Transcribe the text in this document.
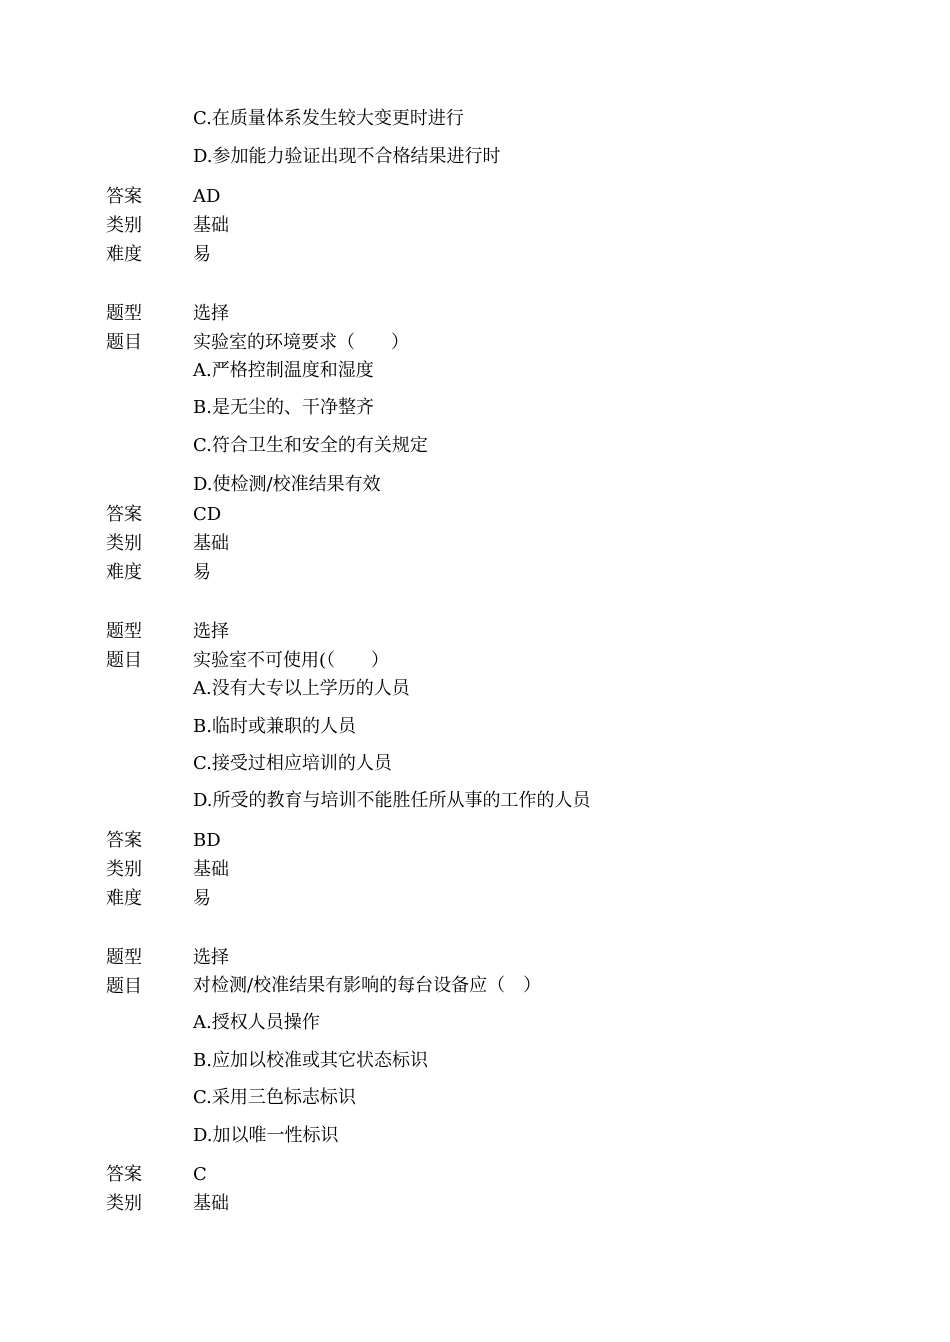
C.在质量体系发生较大变更时进行
D.参加能力验证出现不合格结果进行时
答案	AD
类别	基础
难度	易
题型	选择
题目	实验室的环境要求（　　）
A.严格控制温度和湿度
B.是无尘的、干净整齐
C.符合卫生和安全的有关规定
D.使检测/校准结果有效
答案	CD
类别	基础
难度	易
题型	选择
题目	实验室不可使用(（　　）
A.没有大专以上学历的人员
B.临时或兼职的人员
C.接受过相应培训的人员
D.所受的教育与培训不能胜任所从事的工作的人员
答案	BD
类别	基础
难度	易
题型	选择
题目	对检测/校准结果有影响的每台设备应（　）
A.授权人员操作
B.应加以校准或其它状态标识
C.采用三色标志标识
D.加以唯一性标识
答案	C
类别	基础
